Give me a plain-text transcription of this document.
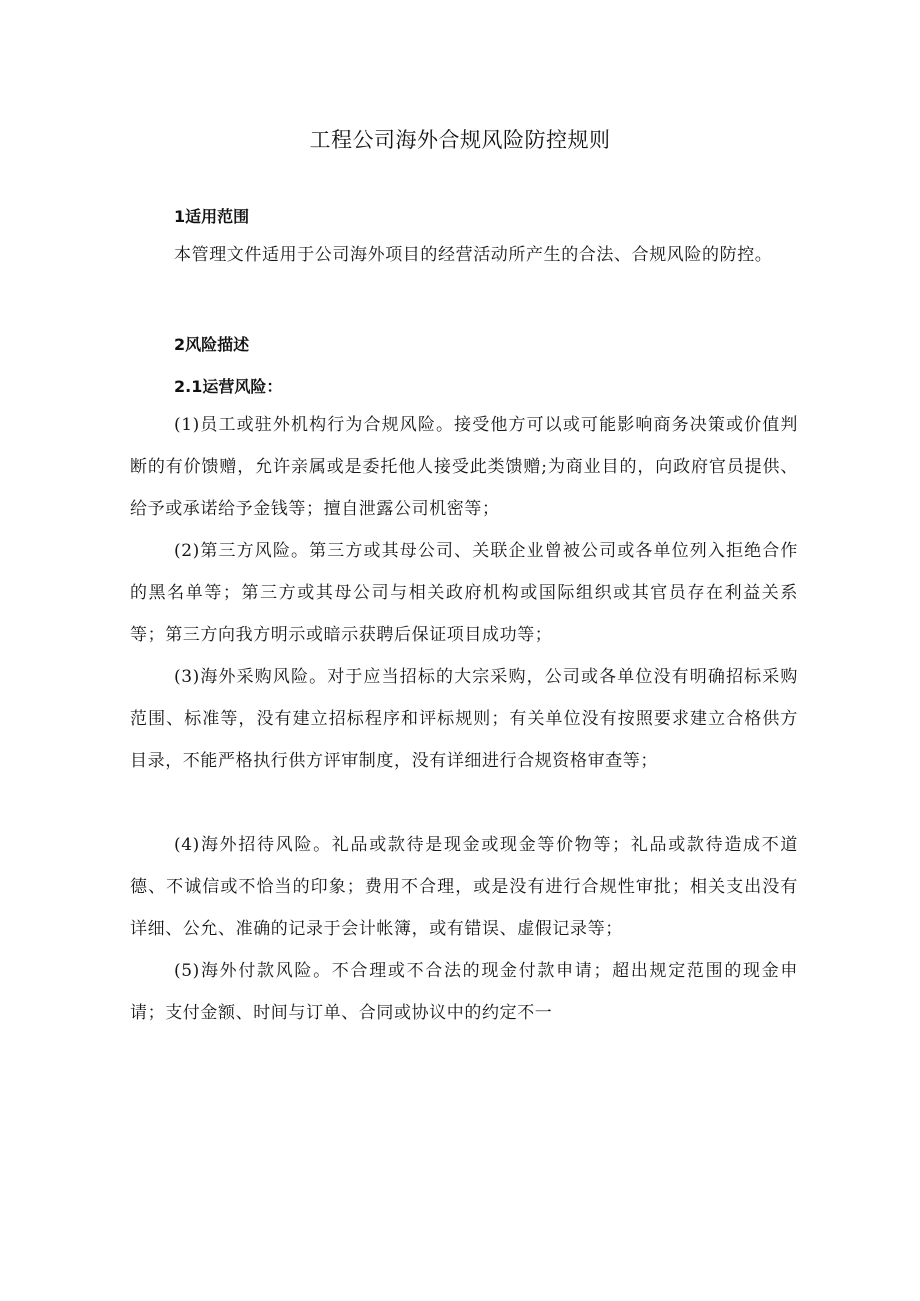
工程公司海外合规风险防控规则
1适用范围

本管理文件适用于公司海外项目的经营活动所产生的合法、合规风险的防控。

2风险描述
2.1运营风险：

(1)员工或驻外机构行为合规风险。接受他方可以或可能影响商务决策或价值判断的有价馈赠，允许亲属或是委托他人接受此类馈赠;为商业目的，向政府官员提供、给予或承诺给予金钱等；擅自泄露公司机密等；

(2)第三方风险。第三方或其母公司、关联企业曾被公司或各单位列入拒绝合作的黑名单等；第三方或其母公司与相关政府机构或国际组织或其官员存在利益关系等；第三方向我方明示或暗示获聘后保证项目成功等；

(3)海外采购风险。对于应当招标的大宗采购，公司或各单位没有明确招标采购范围、标准等，没有建立招标程序和评标规则；有关单位没有按照要求建立合格供方目录，不能严格执行供方评审制度，没有详细进行合规资格审查等；

(4)海外招待风险。礼品或款待是现金或现金等价物等；礼品或款待造成不道德、不诚信或不恰当的印象；费用不合理，或是没有进行合规性审批；相关支出没有详细、公允、准确的记录于会计帐簿，或有错误、虚假记录等；

(5)海外付款风险。不合理或不合法的现金付款申请；超出规定范围的现金申请；支付金额、时间与订单、合同或协议中的约定不一
